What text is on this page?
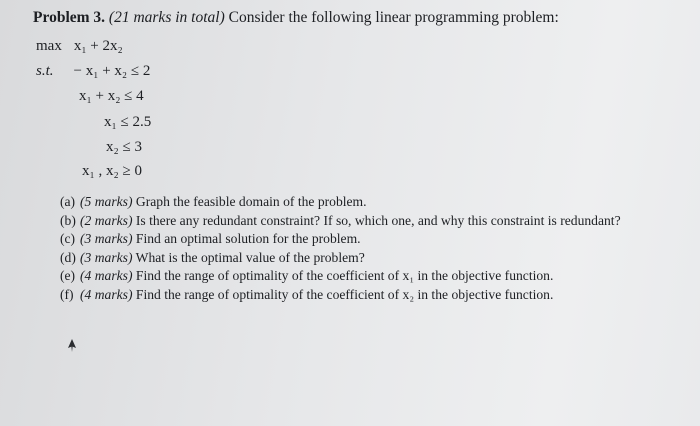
Problem 3. (21 marks in total) Consider the following linear programming problem:
max x₁ + 2x₂
s.t. − x₁ + x₂ ≤ 2
x₁ + x₂ ≤ 4
x₁ ≤ 2.5
x₂ ≤ 3
x₁ , x₂ ≥ 0
(a) (5 marks) Graph the feasible domain of the problem.
(b) (2 marks) Is there any redundant constraint? If so, which one, and why this constraint is redundant?
(c) (3 marks) Find an optimal solution for the problem.
(d) (3 marks) What is the optimal value of the problem?
(e) (4 marks) Find the range of optimality of the coefficient of x₁ in the objective function.
(f) (4 marks) Find the range of optimality of the coefficient of x₂ in the objective function.
